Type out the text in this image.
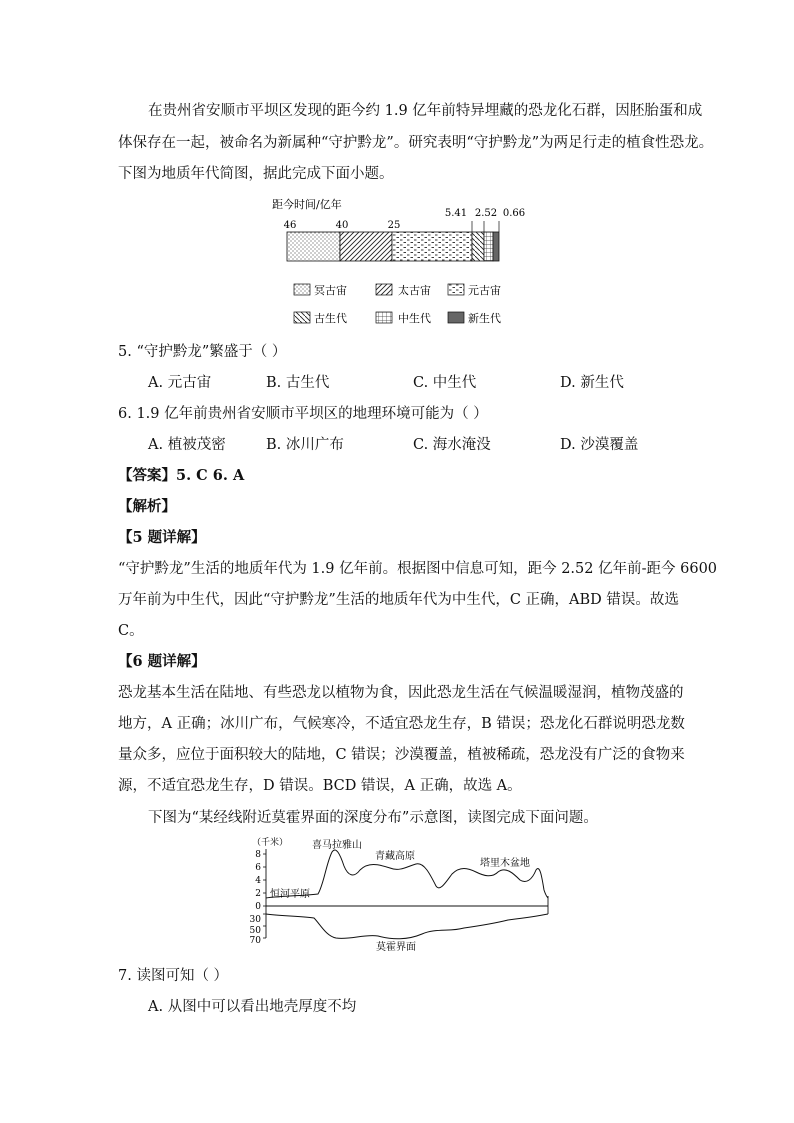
在贵州省安顺市平坝区发现的距今约 1.9 亿年前特异埋藏的恐龙化石群，因胚胎蛋和成
体保存在一起，被命名为新属种“守护黔龙”。研究表明“守护黔龙”为两足行走的植食性恐龙。
下图为地质年代简图，据此完成下面小题。
距今时间/亿年
46	40	25
5.41 2.52 0.66
冥古宙	太古宙	元古宙
古生代	中生代	新生代
5. “守护黔龙”繁盛于（ ）
A. 元古宙	B. 古生代	C. 中生代	D. 新生代
6. 1.9 亿年前贵州省安顺市平坝区的地理环境可能为（ ）
A. 植被茂密	B. 冰川广布	C. 海水淹没	D. 沙漠覆盖
【答案】5. C 6. A
【解析】
【5 题详解】
“守护黔龙”生活的地质年代为 1.9 亿年前。根据图中信息可知，距今 2.52 亿年前-距今 6600
万年前为中生代，因此“守护黔龙”生活的地质年代为中生代，C 正确，ABD 错误。故选
C。
【6 题详解】
恐龙基本生活在陆地、有些恐龙以植物为食，因此恐龙生活在气候温暖湿润，植物茂盛的
地方，A 正确；冰川广布，气候寒冷，不适宜恐龙生存，B 错误；恐龙化石群说明恐龙数
量众多，应位于面积较大的陆地，C 错误；沙漠覆盖，植被稀疏，恐龙没有广泛的食物来
源，不适宜恐龙生存，D 错误。BCD 错误，A 正确，故选 A。
下图为“某经线附近莫霍界面的深度分布”示意图，读图完成下面问题。
（千米）
8
6
4
2
0
30
50
70
喜马拉雅山
青藏高原
塔里木盆地
恒河平原
莫霍界面
7. 读图可知（ ）
A. 从图中可以看出地壳厚度不均
